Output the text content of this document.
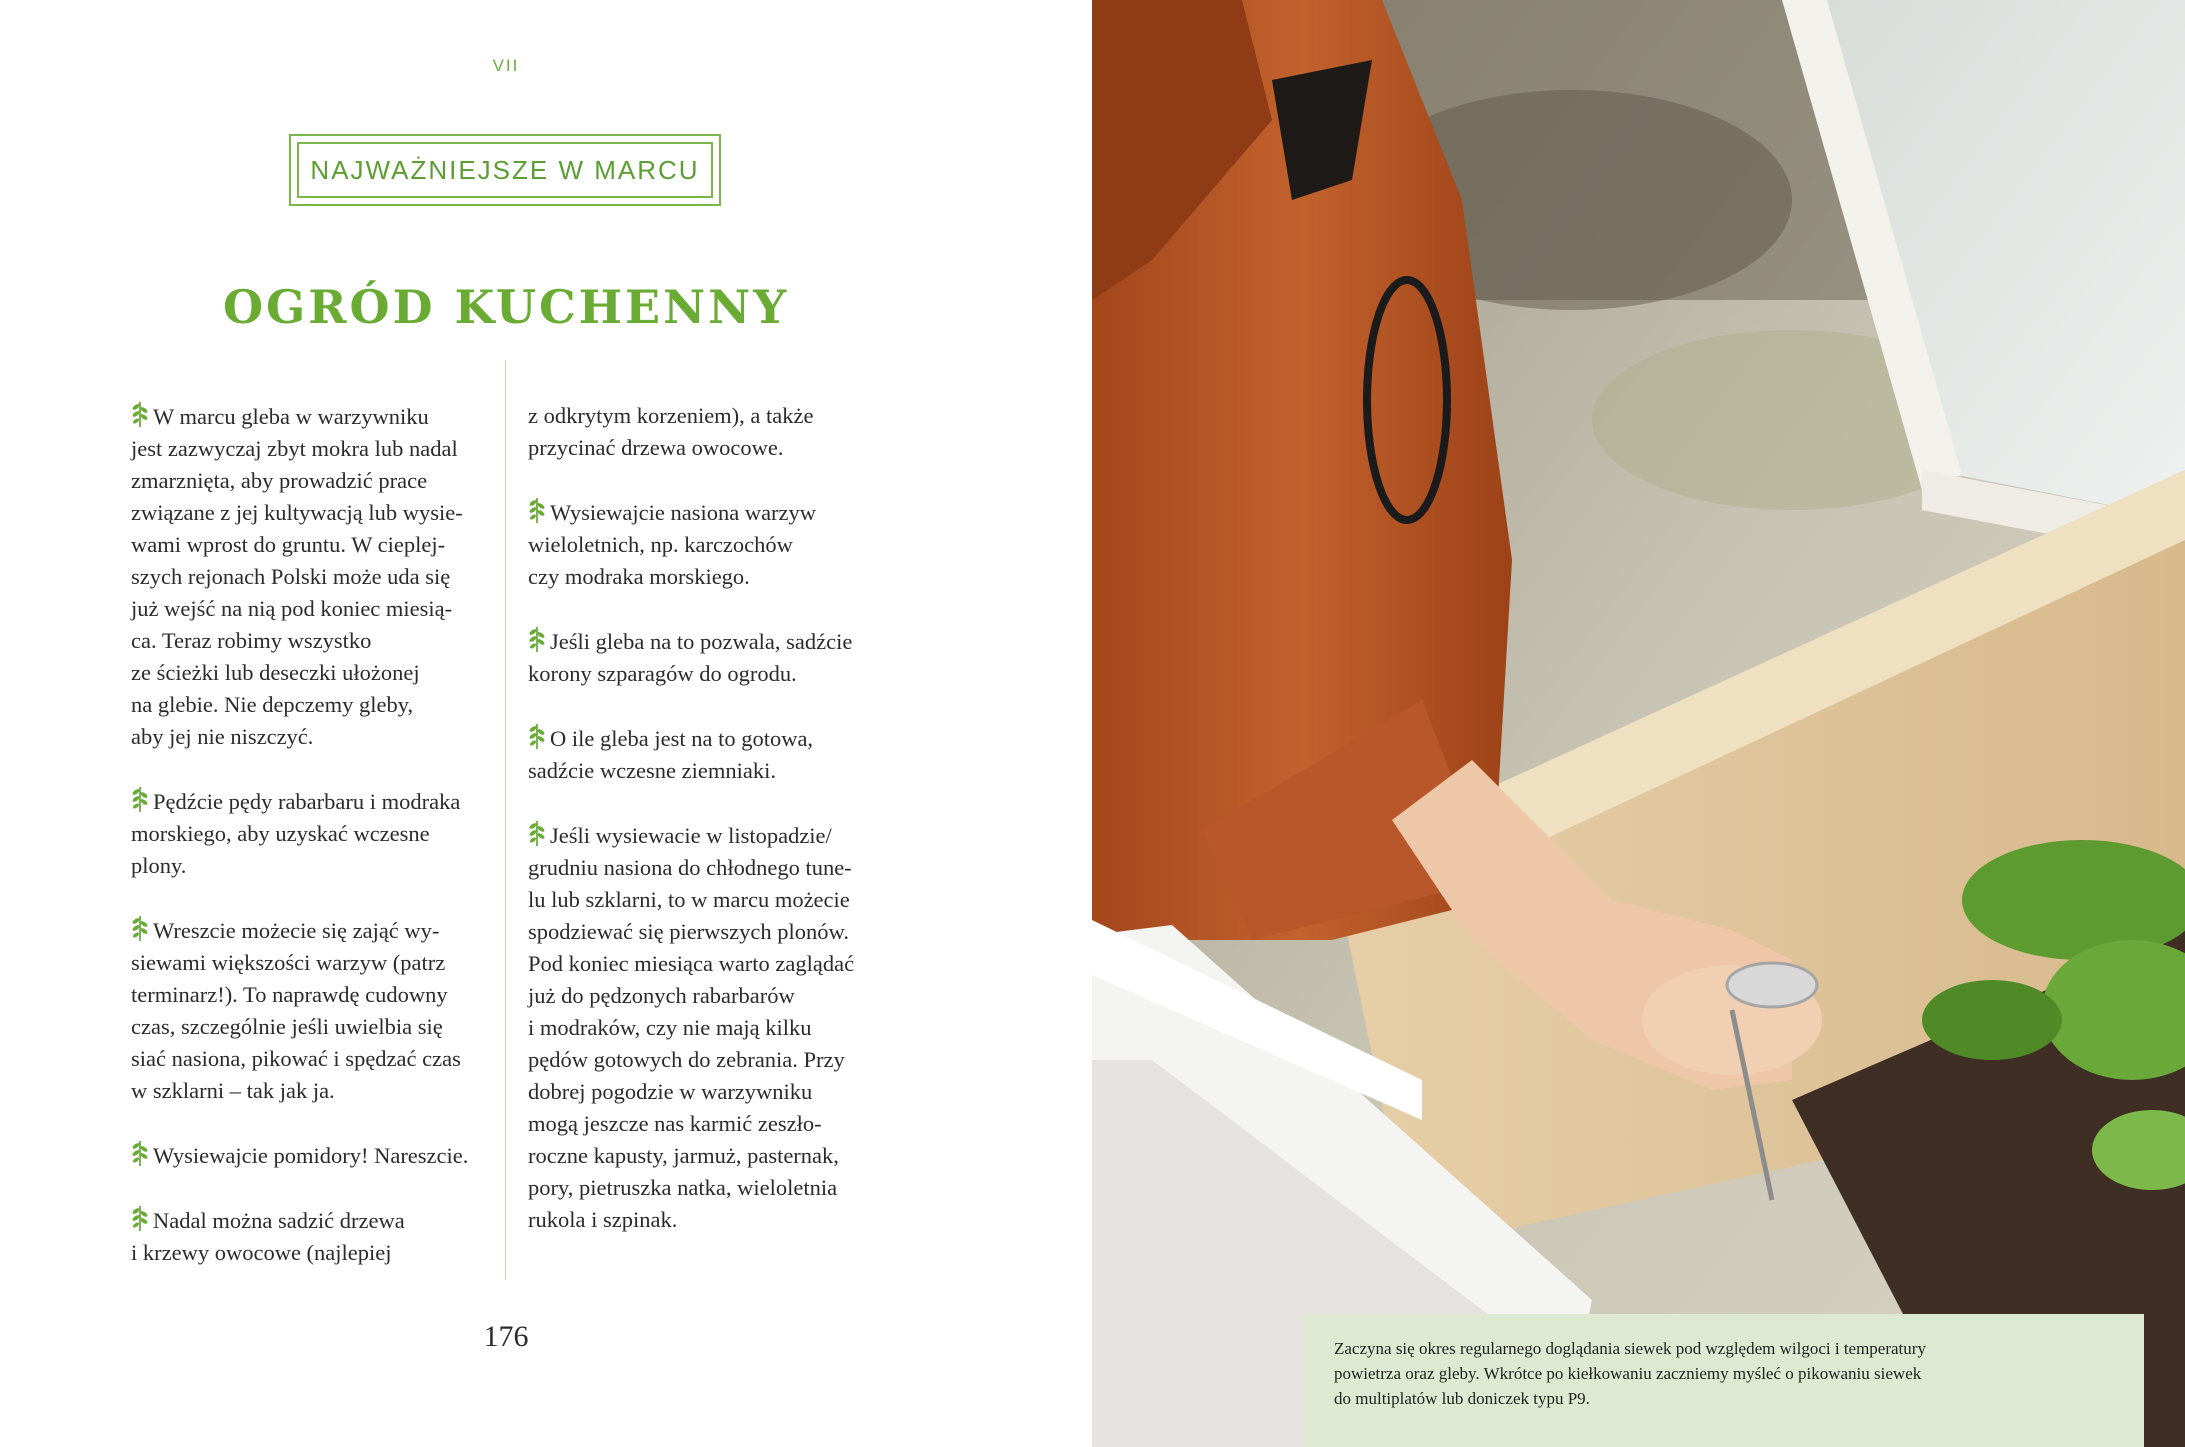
VII
NAJWAŻNIEJSZE W MARCU
OGRÓD KUCHENNY
W marcu gleba w warzywniku
jest zazwyczaj zbyt mokra lub nadal
zmarznięta, aby prowadzić prace
związane z jej kultywacją lub wysie-
wami wprost do gruntu. W cieplej-
szych rejonach Polski może uda się
już wejść na nią pod koniec miesią-
ca. Teraz robimy wszystko
ze ścieżki lub deseczki ułożonej
na glebie. Nie depczemy gleby,
aby jej nie niszczyć.
Pędźcie pędy rabarbaru i modraka
morskiego, aby uzyskać wczesne
plony.
Wreszcie możecie się zająć wy-
siewami większości warzyw (patrz
terminarz!). To naprawdę cudowny
czas, szczególnie jeśli uwielbia się
siać nasiona, pikować i spędzać czas
w szklarni – tak jak ja.
Wysiewajcie pomidory! Nareszcie.
Nadal można sadzić drzewa
i krzewy owocowe (najlepiej
z odkrytym korzeniem), a także
przycinać drzewa owocowe.
Wysiewajcie nasiona warzyw
wieloletnich, np. karczochów
czy modraka morskiego.
Jeśli gleba na to pozwala, sadźcie
korony szparagów do ogrodu.
O ile gleba jest na to gotowa,
sadźcie wczesne ziemniaki.
Jeśli wysiewacie w listopadzie/
grudniu nasiona do chłodnego tune-
lu lub szklarni, to w marcu możecie
spodziewać się pierwszych plonów.
Pod koniec miesiąca warto zaglądać
już do pędzonych rabarbarów
i modraków, czy nie mają kilku
pędów gotowych do zebrania. Przy
dobrej pogodzie w warzywniku
mogą jeszcze nas karmić zeszło-
roczne kapusty, jarmuż, pasternak,
pory, pietruszka natka, wieloletnia
rukola i szpinak.
176	Zaczyna się okres regularnego doglądania siewek pod względem wilgoci i temperatury
powietrza oraz gleby. Wkrótce po kiełkowaniu zaczniemy myśleć o pikowaniu siewek
do multiplatów lub doniczek typu P9.
